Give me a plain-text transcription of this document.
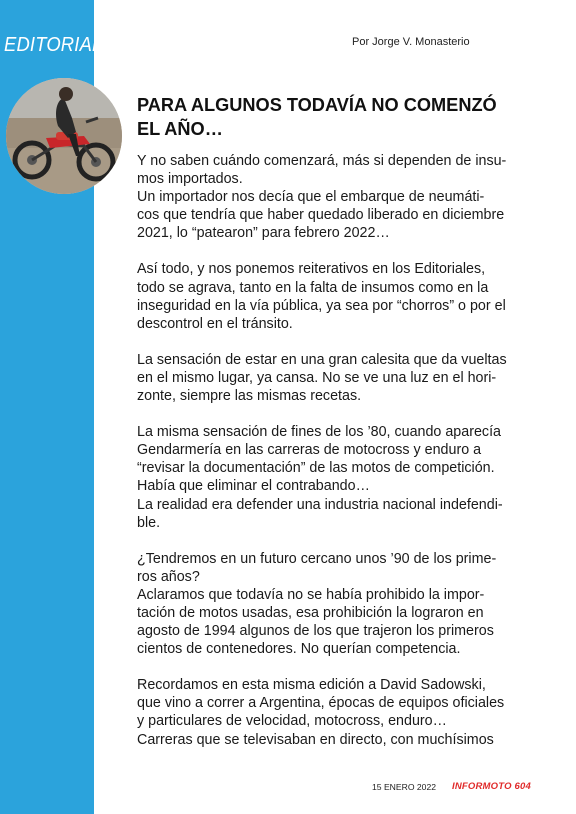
EDITORIAL
Director - Propietario: Jorge V. Monasterio
Redacción: Correo electrónico: info@informoto.com
Publicidad: Correo electrónico: publicidad@informoto.com Es una publicación de JORGE V. MONASTERIO Editor con domicilio en Paraguay 2019 - 6º M - 1121 - C.A.B.A. - www.informoto.com Marca Registrada RNPI Nº 3054376 - DNI de Autor: En Trámite
Por Jorge V. Monasterio
PARA ALGUNOS TODAVÍA NO COMENZÓ
EL AÑO…
Y no saben cuándo comenzará, más si dependen de insu-
mos importados.
Un importador nos decía que el embarque de neumáti-
cos que tendría que haber quedado liberado en diciembre
2021, lo “patearon” para febrero 2022…
Así todo, y nos ponemos reiterativos en los Editoriales,
todo se agrava, tanto en la falta de insumos como en la
inseguridad en la vía pública, ya sea por “chorros” o por el
descontrol en el tránsito.
La sensación de estar en una gran calesita que da vueltas
en el mismo lugar, ya cansa. No se ve una luz en el hori-
zonte, siempre las mismas recetas.
La misma sensación de fines de los ’80, cuando aparecía
Gendarmería en las carreras de motocross y enduro a
“revisar la documentación” de las motos de competición.
Había que eliminar el contrabando…
La realidad era defender una industria nacional indefendi-
ble.
¿Tendremos en un futuro cercano unos ’90 de los prime-
ros años?
Aclaramos que todavía no se había prohibido la impor-
tación de motos usadas, esa prohibición la lograron en
agosto de 1994 algunos de los que trajeron los primeros
cientos de contenedores. No querían competencia.
Recordamos en esta misma edición a David Sadowski,
que vino a correr a Argentina, épocas de equipos oficiales
y particulares de velocidad, motocross, enduro…
Carreras que se televisaban en directo, con muchísimos
15 ENERO 2022 INFORMOTO 604
